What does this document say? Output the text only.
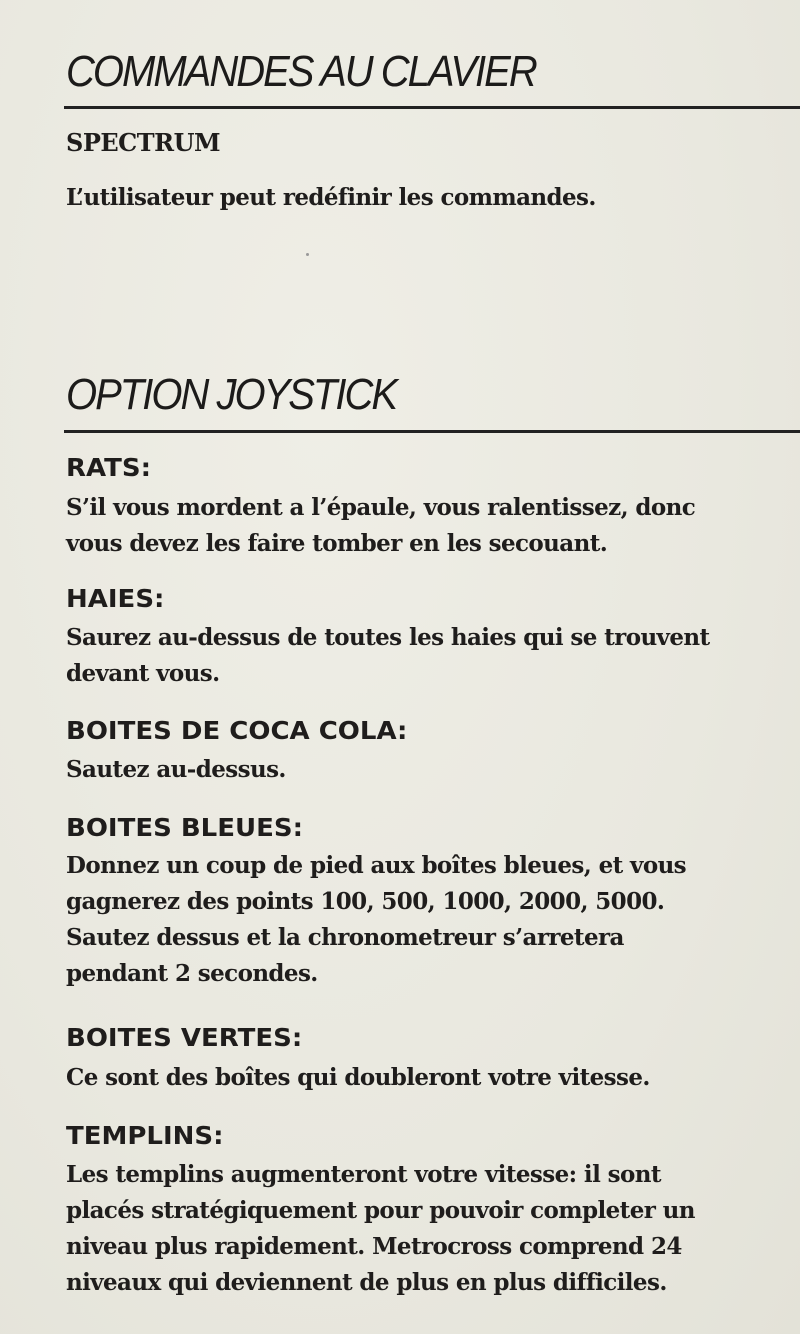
COMMANDES AU CLAVIER
SPECTRUM

L’utilisateur peut redéfinir les commandes.

OPTION JOYSTICK
RATS:

S’il vous mordent a l’épaule, vous ralentissez, donc
vous devez les faire tomber en les secouant.

HAIES:

Saurez au-dessus de toutes les haies qui se trouvent
devant vous.

BOITES DE COCA COLA:

Sautez au-dessus.

BOITES BLEUES:

Donnez un coup de pied aux boîtes bleues, et vous
gagnerez des points 100, 500, 1000, 2000, 5000.
Sautez dessus et la chronometreur s’arretera
pendant 2 secondes.

BOITES VERTES:

Ce sont des boîtes qui doubleront votre vitesse.

TEMPLINS:

Les templins augmenteront votre vitesse: il sont
placés stratégiquement pour pouvoir completer un
niveau plus rapidement. Metrocross comprend 24
niveaux qui deviennent de plus en plus difficiles.
